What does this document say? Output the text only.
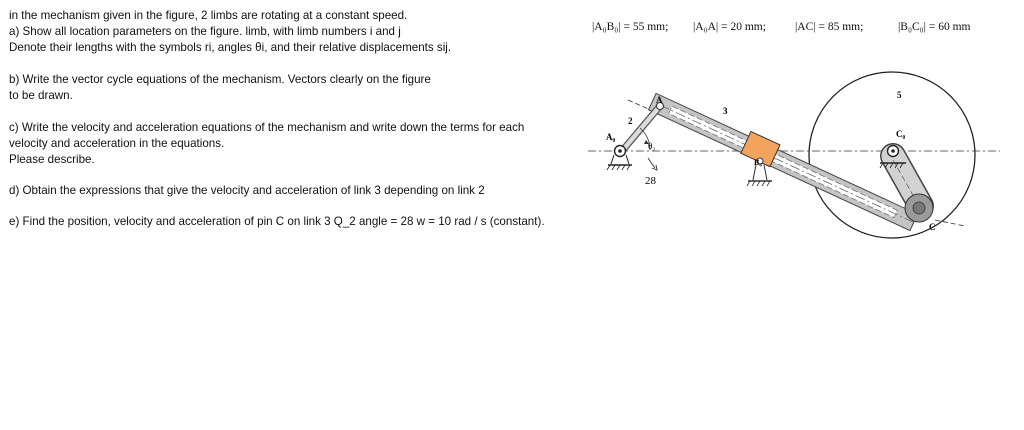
in the mechanism given in the figure, 2 limbs are rotating at a constant speed.
a) Show all location parameters on the figure. limb, with limb numbers i and j
Denote their lengths with the symbols ri, angles θi, and their relative displacements sij.
b) Write the vector cycle equations of the mechanism. Vectors clearly on the figure
to be drawn.
c) Write the velocity and acceleration equations of the mechanism and write down the terms for each
velocity and acceleration in the equations.
Please describe.
d) Obtain the expressions that give the velocity and acceleration of link 3 depending on link 2
e) Find the position, velocity and acceleration of pin C on link 3 Q_2 angle = 28 w = 10 rad / s (constant).
|A₀B₀| = 55 mm; |A₀A| = 20 mm;	|AC| = 85 mm;	|B₀C₀| = 60 mm
A
A₀
2
3
5
C₀
B₀
C
θ₂
28
